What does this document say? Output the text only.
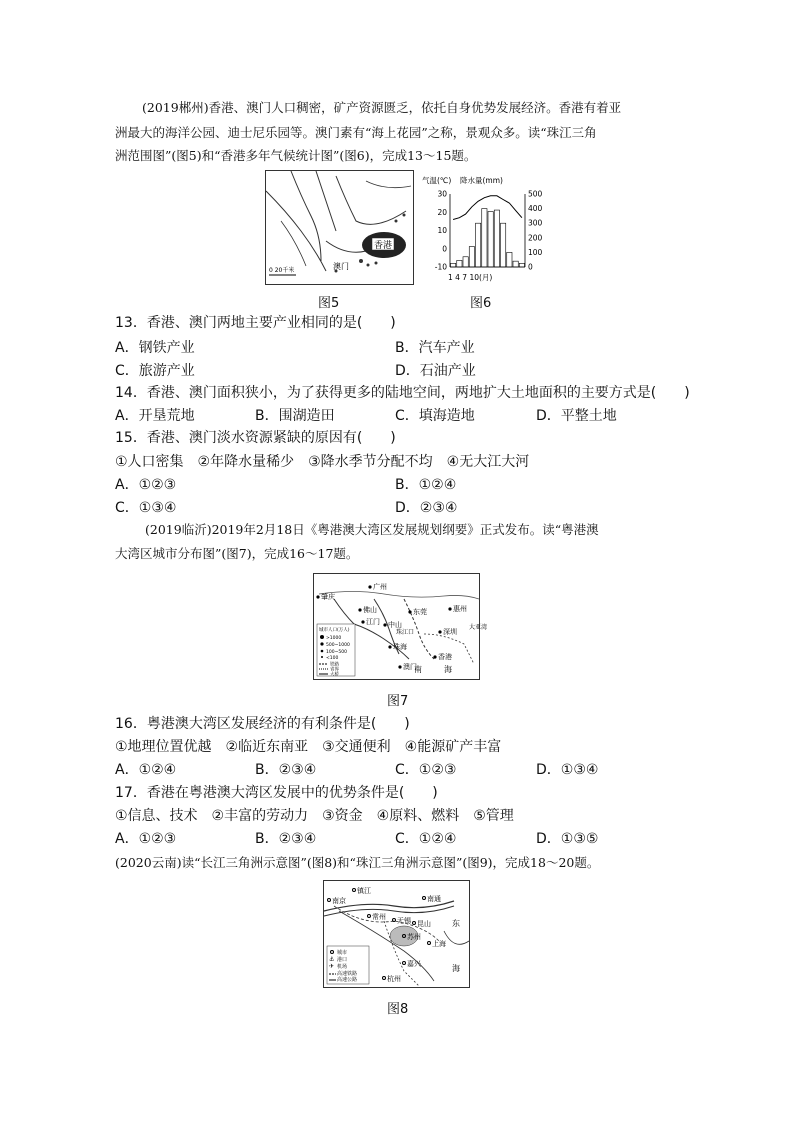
(2019郴州)香港、澳门人口稠密，矿产资源匮乏，依托自身优势发展经济。香港有着亚
洲最大的海洋公园、迪士尼乐园等。澳门素有“海上花园”之称，景观众多。读“珠江三角
洲范围图”(图5)和“香港多年气候统计图”(图6)，完成13～15题。
香港
澳门
0 20千米
图5
气温(℃) 降水量(mm)
30
20
10
0
-10
500
400
300
200
100
0
1 4 7 10(月)
图6
13．香港、澳门两地主要产业相同的是(　　)
A．钢铁产业	B．汽车产业
C．旅游产业	D．石油产业
14．香港、澳门面积狭小，为了获得更多的陆地空间，两地扩大土地面积的主要方式是(　　)
A．开垦荒地	B．围湖造田	C．填海造地	D．平整土地
15．香港、澳门淡水资源紧缺的原因有(　　)
①人口密集　②年降水量稀少　③降水季节分配不均　④无大江大河
A．①②③	B．①②④
C．①③④	D．②③④
(2019临沂)2019年2月18日《粤港澳大湾区发展规划纲要》正式发布。读“粤港澳
大湾区城市分布图”(图7)，完成16～17题。
城市人口(万人)
>1000
500~1000
100~500
<100
铁路
省界
大桥
肇庆
广州
佛山	东莞	惠州
江门 中山
深圳
珠海
香港
澳门
珠江口
大亚湾
南	海
图7
16．粤港澳大湾区发展经济的有利条件是(　　)
①地理位置优越　②临近东南亚　③交通便利　④能源矿产丰富
A．①②④	B．②③④	C．①②③	D．①③④
17．香港在粤港澳大湾区发展中的优势条件是(　　)
①信息、技术　②丰富的劳动力　③资金　④原料、燃料　⑤管理
A．①②③	B．②③④	C．①②④	D．①③⑤
(2020云南)读“长江三角洲示意图”(图8)和“珠江三角洲示意图”(图9)，完成18～20题。
城市
⚓ 港口
✈ 机场
高速铁路
高速公路
南京
镇江
南通
常州 无锡 昆山
苏州
上海
嘉兴
杭州
东
海
图8
